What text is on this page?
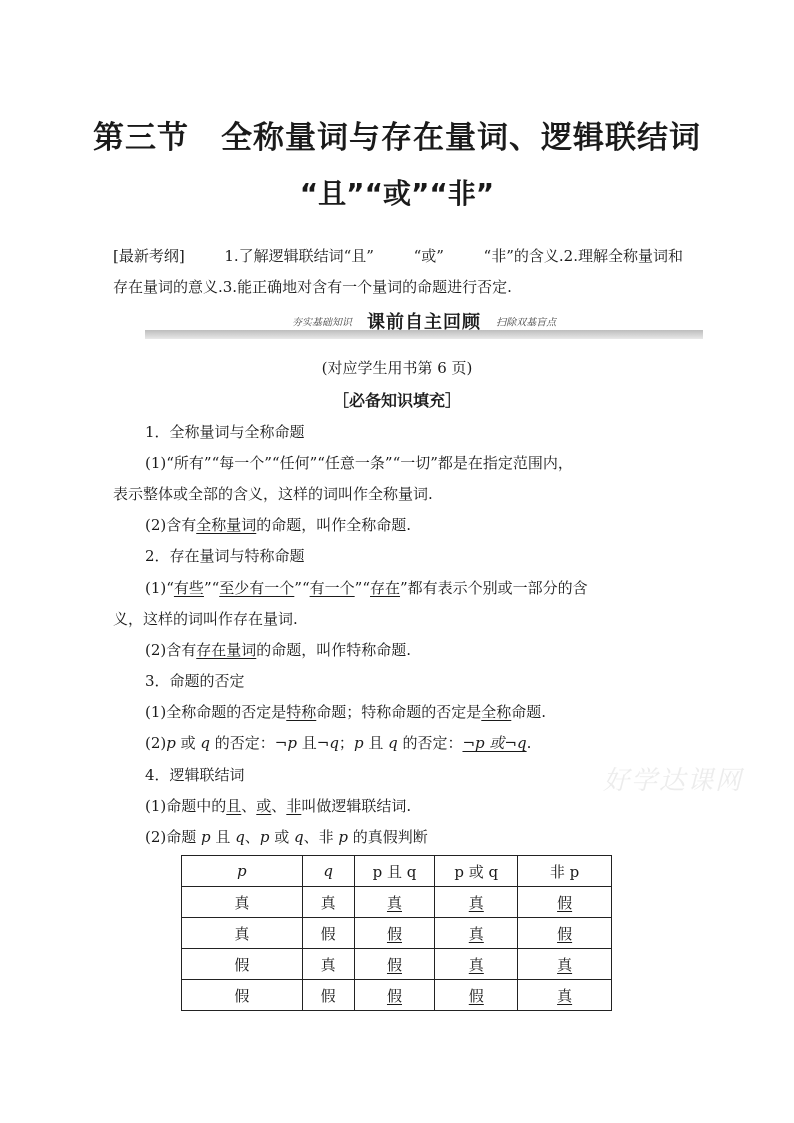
第三节　全称量词与存在量词、逻辑联结词
“且”“或”“非”
[最新考纲]	1.了解逻辑联结词“且”	“或”	“非”的含义.2.理解全称量词和
存在量词的意义.3.能正确地对含有一个量词的命题进行否定.
夯实基础知识 课前自主回顾 扫除双基盲点
(对应学生用书第 6 页)
［必备知识填充］
1．全称量词与全称命题
(1)“所有”“每一个”“任何”“任意一条”“一切”都是在指定范围内，
表示整体或全部的含义，这样的词叫作全称量词.
(2)含有全称量词的命题，叫作全称命题.
2．存在量词与特称命题
(1)“有些”“至少有一个”“有一个”“存在”都有表示个别或一部分的含
义，这样的词叫作存在量词.
(2)含有存在量词的命题，叫作特称命题.
3．命题的否定
(1)全称命题的否定是特称命题；特称命题的否定是全称命题.
(2)p 或 q 的否定：¬p 且¬q；p 且 q 的否定：¬p 或¬q.
好学达课网
4．逻辑联结词
(1)命题中的且、或、非叫做逻辑联结词.
(2)命题 p 且 q、p 或 q、非 p 的真假判断
p	q	p 且 q	p 或 q	非 p
真	真	真	真	假
真	假	假	真	假
假	真	假	真	真
假	假	假	假	真
